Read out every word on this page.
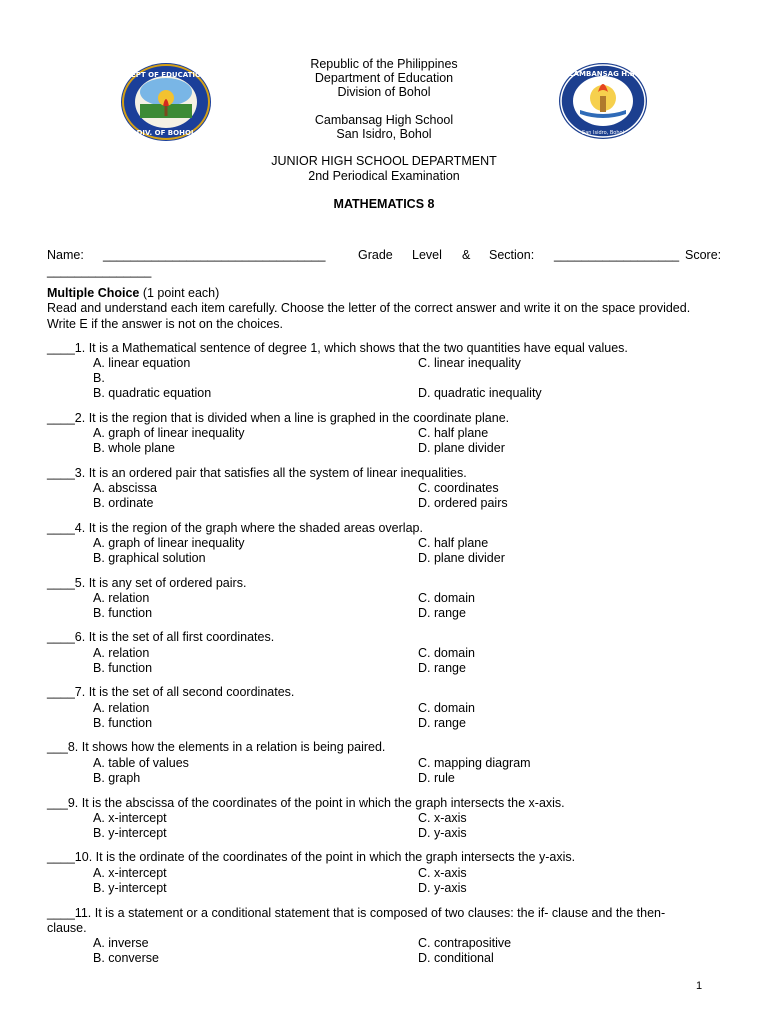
DEPT OF EDUCATION
DIV. OF BOHOL
CAMBANSAG H.S.
San Isidro, Bohol
Republic of the Philippines
Department of Education
Division of Bohol
Cambansag High School
San Isidro, Bohol
JUNIOR HIGH SCHOOL DEPARTMENT
2nd Periodical Examination
MATHEMATICS 8
Name: ________________________________	Grade Level & Section: __________________ Score:
_______________
Multiple Choice (1 point each)
Read and understand each item carefully. Choose the letter of the correct answer and write it on the space provided.
Write E if the answer is not on the choices.
____1. It is a Mathematical sentence of degree 1, which shows that the two quantities have equal values.
A. linear equation	C. linear inequality
B.
B. quadratic equation	D. quadratic inequality
____2. It is the region that is divided when a line is graphed in the coordinate plane.
A. graph of linear inequality	C. half plane
B. whole plane	D. plane divider
____3. It is an ordered pair that satisfies all the system of linear inequalities.
A. abscissa	C. coordinates
B. ordinate	D. ordered pairs
____4. It is the region of the graph where the shaded areas overlap.
A. graph of linear inequality	C. half plane
B. graphical solution	D. plane divider
____5. It is any set of ordered pairs.
A. relation	C. domain
B. function	D. range
____6. It is the set of all first coordinates.
A. relation	C. domain
B. function	D. range
____7. It is the set of all second coordinates.
A. relation	C. domain
B. function	D. range
___8. It shows how the elements in a relation is being paired.
A. table of values	C. mapping diagram
B. graph	D. rule
___9. It is the abscissa of the coordinates of the point in which the graph intersects the x-axis.
A. x-intercept	C. x-axis
B. y-intercept	D. y-axis
____10. It is the ordinate of the coordinates of the point in which the graph intersects the y-axis.
A. x-intercept	C. x-axis
B. y-intercept	D. y-axis
____11. It is a statement or a conditional statement that is composed of two clauses: the if- clause and the then-
clause.
A. inverse	C. contrapositive
B. converse	D. conditional
1
